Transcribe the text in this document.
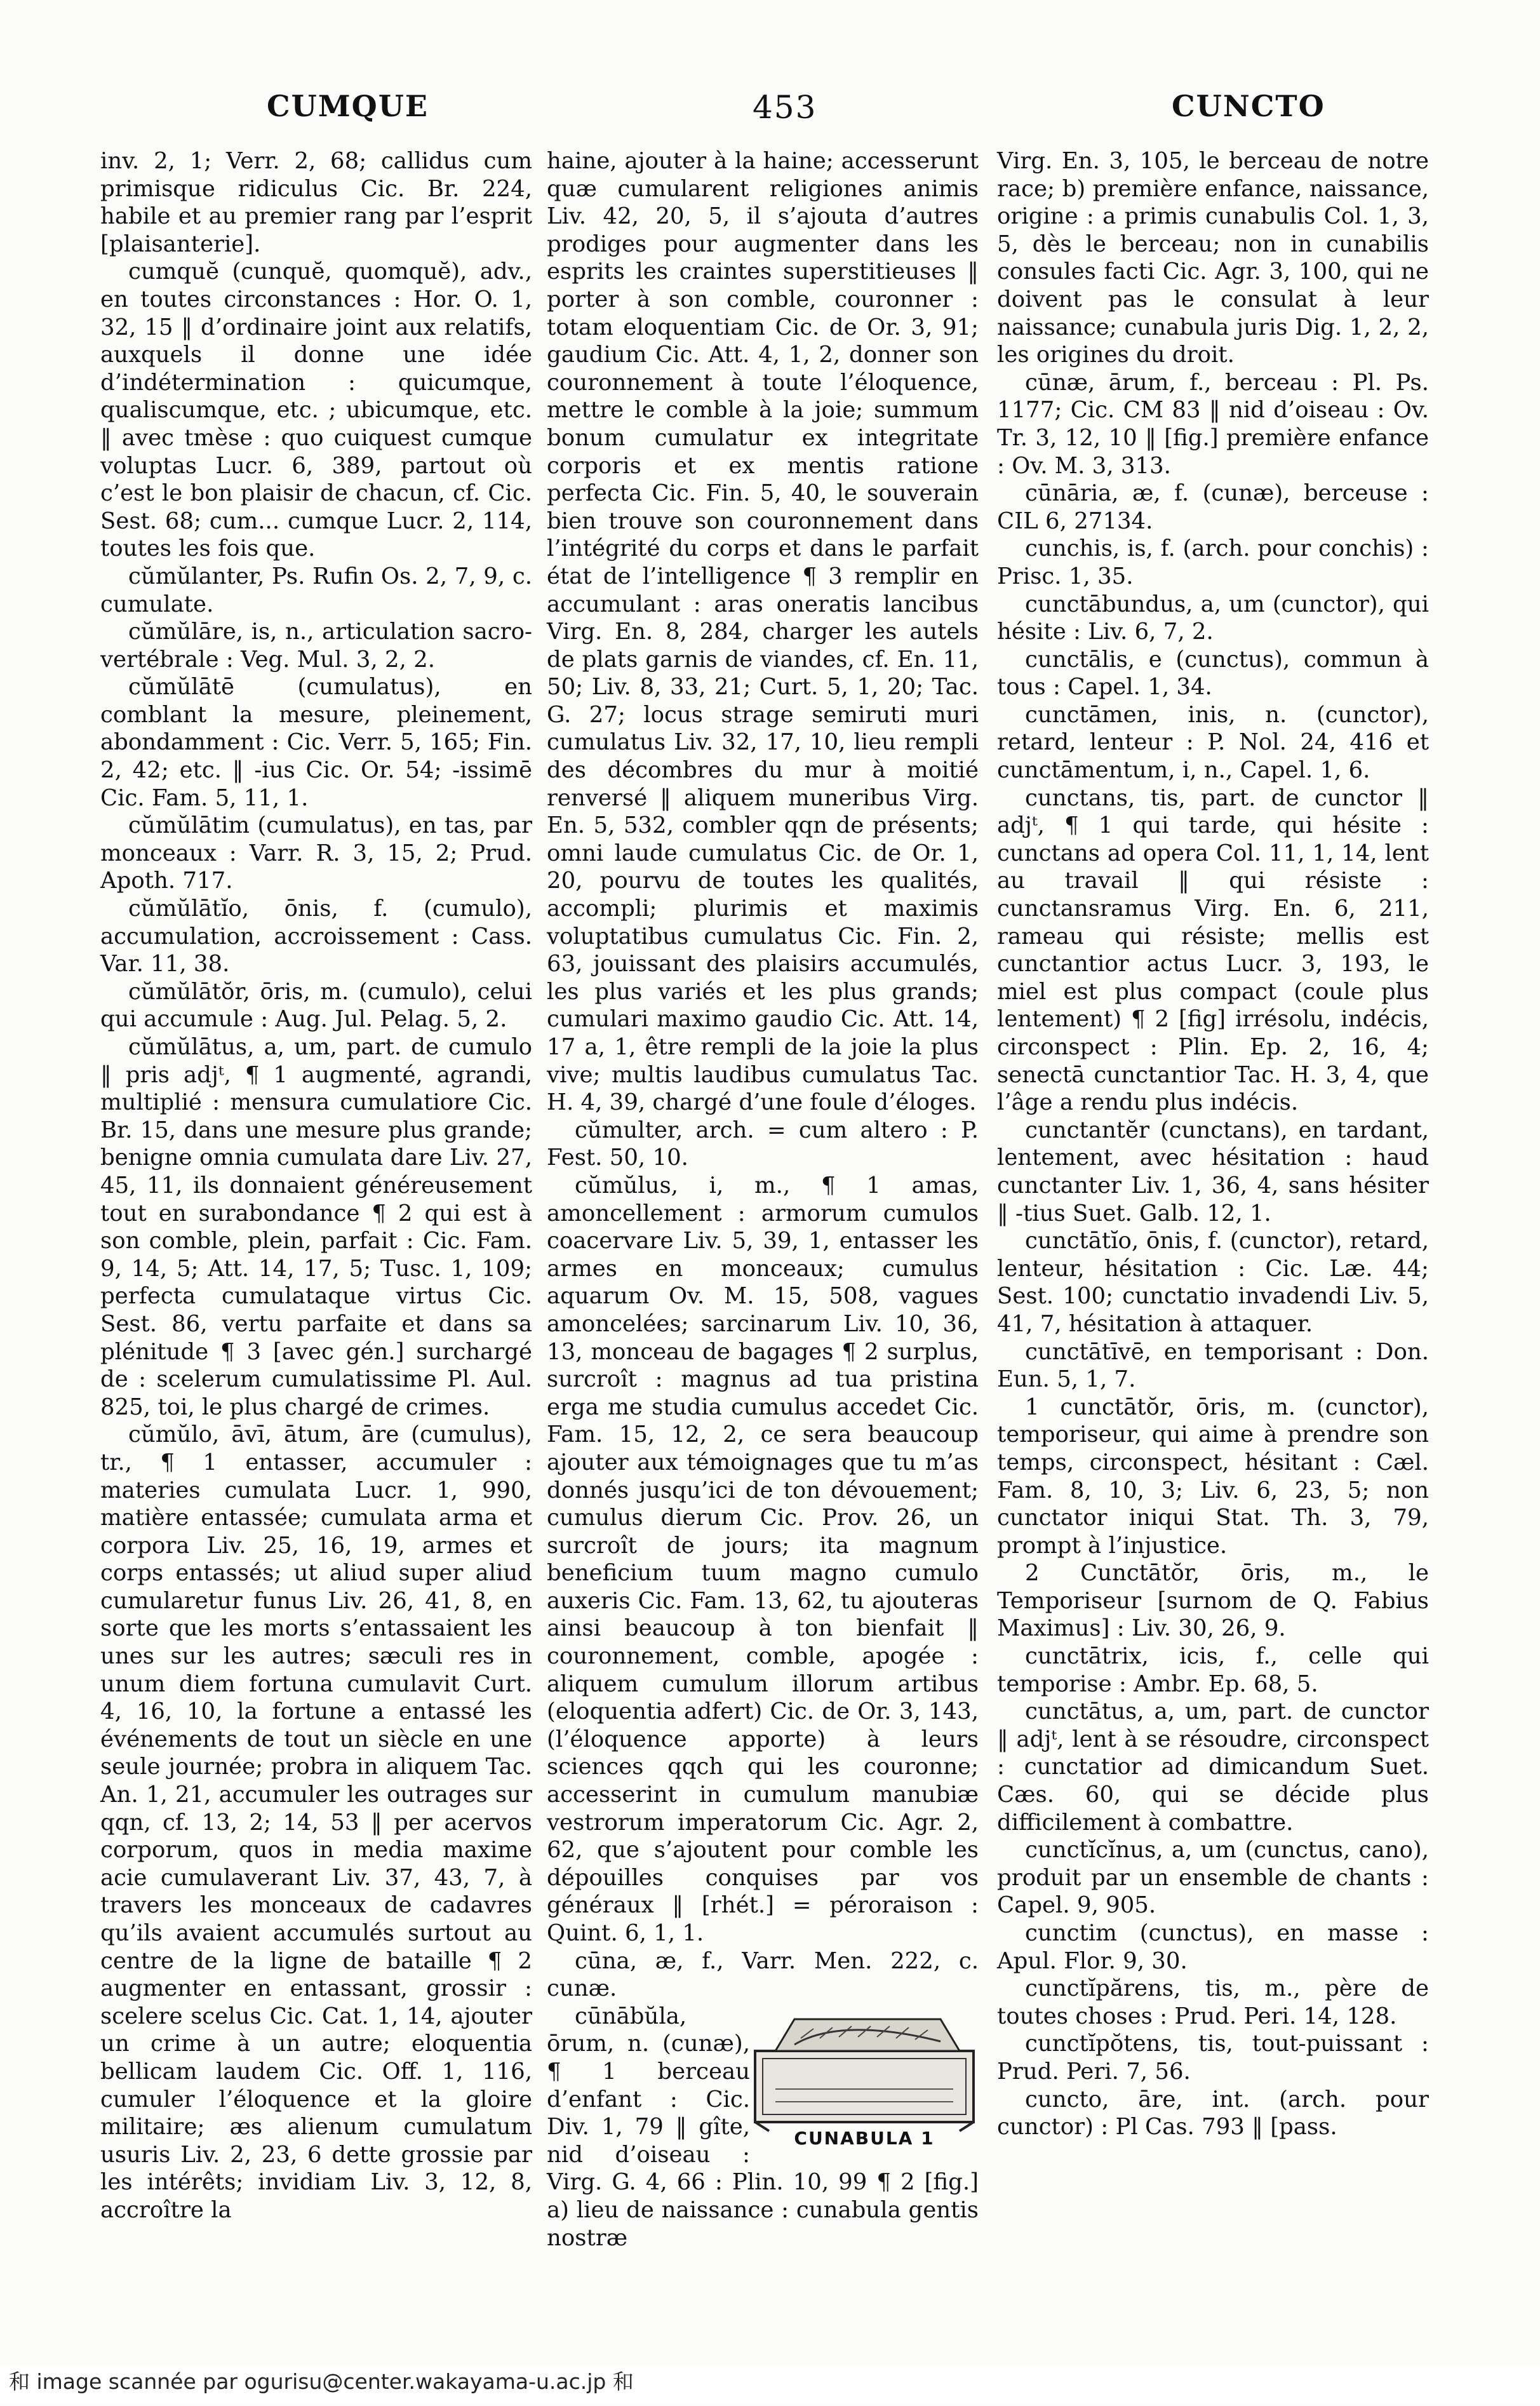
CUMQUE	453	CUNCTO

inv. 2, 1; Verr. 2, 68; callidus cum primisque ridiculus Cic. Br. 224, habile et au premier rang par l’esprit [plaisanterie].

cumquĕ (cunquĕ, quomquĕ), adv., en toutes circonstances : Hor. O. 1, 32, 15 ‖ d’ordinaire joint aux relatifs, auxquels il donne une idée d’indétermination : quicumque, qualiscumque, etc. ; ubicumque, etc. ‖ avec tmèse : quo cuiquest cumque voluptas Lucr. 6, 389, partout où c’est le bon plaisir de chacun, cf. Cic. Sest. 68; cum... cumque Lucr. 2, 114, toutes les fois que.

cŭmŭlanter, Ps. Rufin Os. 2, 7, 9, c. cumulate.

cŭmŭlāre, is, n., articulation sacro-vertébrale : Veg. Mul. 3, 2, 2.

cŭmŭlātē (cumulatus), en comblant la mesure, pleinement, abondamment : Cic. Verr. 5, 165; Fin. 2, 42; etc. ‖ -ius Cic. Or. 54; -issimē Cic. Fam. 5, 11, 1.

cŭmŭlātim (cumulatus), en tas, par monceaux : Varr. R. 3, 15, 2; Prud. Apoth. 717.

cŭmŭlātĭo, ōnis, f. (cumulo), accumulation, accroissement : Cass. Var. 11, 38.

cŭmŭlātŏr, ōris, m. (cumulo), celui qui accumule : Aug. Jul. Pelag. 5, 2.

cŭmŭlātus, a, um, part. de cumulo ‖ pris adjᵗ, ¶ 1 augmenté, agrandi, multiplié : mensura cumulatiore Cic. Br. 15, dans une mesure plus grande; benigne omnia cumulata dare Liv. 27, 45, 11, ils donnaient généreusement tout en surabondance ¶ 2 qui est à son comble, plein, parfait : Cic. Fam. 9, 14, 5; Att. 14, 17, 5; Tusc. 1, 109; perfecta cumulataque virtus Cic. Sest. 86, vertu parfaite et dans sa plénitude ¶ 3 [avec gén.] surchargé de : scelerum cumulatissime Pl. Aul. 825, toi, le plus chargé de crimes.

cŭmŭlo, āvī, ātum, āre (cumulus), tr., ¶ 1 entasser, accumuler : materies cumulata Lucr. 1, 990, matière entassée; cumulata arma et corpora Liv. 25, 16, 19, armes et corps entassés; ut aliud super aliud cumularetur funus Liv. 26, 41, 8, en sorte que les morts s’entassaient les unes sur les autres; sæculi res in unum diem fortuna cumulavit Curt. 4, 16, 10, la fortune a entassé les événements de tout un siècle en une seule journée; probra in aliquem Tac. An. 1, 21, accumuler les outrages sur qqn, cf. 13, 2; 14, 53 ‖ per acervos corporum, quos in media maxime acie cumulaverant Liv. 37, 43, 7, à travers les monceaux de cadavres qu’ils avaient accumulés surtout au centre de la ligne de bataille ¶ 2 augmenter en entassant, grossir : scelere scelus Cic. Cat. 1, 14, ajouter un crime à un autre; eloquentia bellicam laudem Cic. Off. 1, 116, cumuler l’éloquence et la gloire militaire; æs alienum cumulatum usuris Liv. 2, 23, 6 dette grossie par les intérêts; invidiam Liv. 3, 12, 8, accroître la

haine, ajouter à la haine; accesserunt quæ cumularent religiones animis Liv. 42, 20, 5, il s’ajouta d’autres prodiges pour augmenter dans les esprits les craintes superstitieuses ‖ porter à son comble, couronner : totam eloquentiam Cic. de Or. 3, 91; gaudium Cic. Att. 4, 1, 2, donner son couronnement à toute l’éloquence, mettre le comble à la joie; summum bonum cumulatur ex integritate corporis et ex mentis ratione perfecta Cic. Fin. 5, 40, le souverain bien trouve son couronnement dans l’intégrité du corps et dans le parfait état de l’intelligence ¶ 3 remplir en accumulant : aras oneratis lancibus Virg. En. 8, 284, charger les autels de plats garnis de viandes, cf. En. 11, 50; Liv. 8, 33, 21; Curt. 5, 1, 20; Tac. G. 27; locus strage semiruti muri cumulatus Liv. 32, 17, 10, lieu rempli des décombres du mur à moitié renversé ‖ aliquem muneribus Virg. En. 5, 532, combler qqn de présents; omni laude cumulatus Cic. de Or. 1, 20, pourvu de toutes les qualités, accompli; plurimis et maximis voluptatibus cumulatus Cic. Fin. 2, 63, jouissant des plaisirs accumulés, les plus variés et les plus grands; cumulari maximo gaudio Cic. Att. 14, 17 a, 1, être rempli de la joie la plus vive; multis laudibus cumulatus Tac. H. 4, 39, chargé d’une foule d’éloges.

cŭmulter, arch. = cum altero : P. Fest. 50, 10.

cŭmŭlus, i, m., ¶ 1 amas, amoncellement : armorum cumulos coacervare Liv. 5, 39, 1, entasser les armes en monceaux; cumulus aquarum Ov. M. 15, 508, vagues amoncelées; sarcinarum Liv. 10, 36, 13, monceau de bagages ¶ 2 surplus, surcroît : magnus ad tua pristina erga me studia cumulus accedet Cic. Fam. 15, 12, 2, ce sera beaucoup ajouter aux témoignages que tu m’as donnés jusqu’ici de ton dévouement; cumulus dierum Cic. Prov. 26, un surcroît de jours; ita magnum beneficium tuum magno cumulo auxeris Cic. Fam. 13, 62, tu ajouteras ainsi beaucoup à ton bienfait ‖ couronnement, comble, apogée : aliquem cumulum illorum artibus (eloquentia adfert) Cic. de Or. 3, 143, (l’éloquence apporte) à leurs sciences qqch qui les couronne; accesserint in cumulum manubiæ vestrorum imperatorum Cic. Agr. 2, 62, que s’ajoutent pour comble les dépouilles conquises par vos généraux ‖ [rhét.] = péroraison : Quint. 6, 1, 1.

cūna, æ, f., Varr. Men. 222, c. cunæ.

CUNABULA 1

cūnābŭla, ōrum, n. (cunæ), ¶ 1 berceau d’enfant : Cic. Div. 1, 79 ‖ gîte, nid d’oiseau : Virg. G. 4, 66 : Plin. 10, 99 ¶ 2 [fig.] a) lieu de naissance : cunabula gentis nostræ

Virg. En. 3, 105, le berceau de notre race; b) première enfance, naissance, origine : a primis cunabulis Col. 1, 3, 5, dès le berceau; non in cunabilis consules facti Cic. Agr. 3, 100, qui ne doivent pas le consulat à leur naissance; cunabula juris Dig. 1, 2, 2, les origines du droit.

cūnæ, ārum, f., berceau : Pl. Ps. 1177; Cic. CM 83 ‖ nid d’oiseau : Ov. Tr. 3, 12, 10 ‖ [fig.] première enfance : Ov. M. 3, 313.

cūnāria, æ, f. (cunæ), berceuse : CIL 6, 27134.

cunchis, is, f. (arch. pour conchis) : Prisc. 1, 35.

cunctābundus, a, um (cunctor), qui hésite : Liv. 6, 7, 2.

cunctālis, e (cunctus), commun à tous : Capel. 1, 34.

cunctāmen, inis, n. (cunctor), retard, lenteur : P. Nol. 24, 416 et cunctāmentum, i, n., Capel. 1, 6.

cunctans, tis, part. de cunctor ‖ adjᵗ, ¶ 1 qui tarde, qui hésite : cunctans ad opera Col. 11, 1, 14, lent au travail ‖ qui résiste : cunctansramus Virg. En. 6, 211, rameau qui résiste; mellis est cunctantior actus Lucr. 3, 193, le miel est plus compact (coule plus lentement) ¶ 2 [fig] irrésolu, indécis, circonspect : Plin. Ep. 2, 16, 4; senectā cunctantior Tac. H. 3, 4, que l’âge a rendu plus indécis.

cunctantĕr (cunctans), en tardant, lentement, avec hésitation : haud cunctanter Liv. 1, 36, 4, sans hésiter ‖ -tius Suet. Galb. 12, 1.

cunctātĭo, ōnis, f. (cunctor), retard, lenteur, hésitation : Cic. Læ. 44; Sest. 100; cunctatio invadendi Liv. 5, 41, 7, hésitation à attaquer.

cunctātīvē, en temporisant : Don. Eun. 5, 1, 7.

1 cunctātŏr, ōris, m. (cunctor), temporiseur, qui aime à prendre son temps, circonspect, hésitant : Cæl. Fam. 8, 10, 3; Liv. 6, 23, 5; non cunctator iniqui Stat. Th. 3, 79, prompt à l’injustice.

2 Cunctātŏr, ōris, m., le Temporiseur [surnom de Q. Fabius Maximus] : Liv. 30, 26, 9.

cunctātrix, icis, f., celle qui temporise : Ambr. Ep. 68, 5.

cunctātus, a, um, part. de cunctor ‖ adjᵗ, lent à se résoudre, circonspect : cunctatior ad dimicandum Suet. Cæs. 60, qui se décide plus difficilement à combattre.

cunctĭcĭnus, a, um (cunctus, cano), produit par un ensemble de chants : Capel. 9, 905.

cunctim (cunctus), en masse : Apul. Flor. 9, 30.

cunctĭpărens, tis, m., père de toutes choses : Prud. Peri. 14, 128.

cunctĭpŏtens, tis, tout-puissant : Prud. Peri. 7, 56.

cuncto, āre, int. (arch. pour cunctor) : Pl Cas. 793 ‖ [pass.

和 image scannée par ogurisu@center.wakayama-u.ac.jp 和
